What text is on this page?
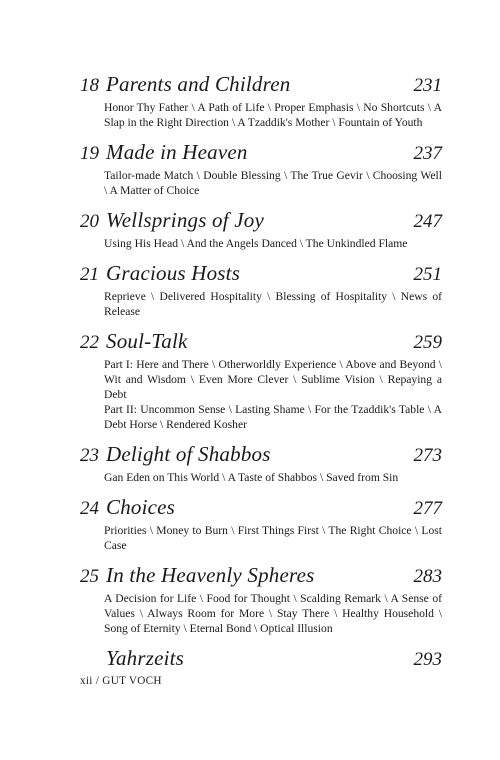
18 Parents and Children	231

Honor Thy Father \ A Path of Life \ Proper Emphasis \ No Shortcuts \ A Slap in the Right Direction \ A Tzaddik's Mother \ Fountain of Youth

19 Made in Heaven	237

Tailor-made Match \ Double Blessing \ The True Gevir \ Choosing Well \ A Matter of Choice

20 Wellsprings of Joy	247

Using His Head \ And the Angels Danced \ The Unkindled Flame

21 Gracious Hosts	251

Reprieve \ Delivered Hospitality \ Blessing of Hospitality \ News of Release

22 Soul-Talk	259

Part I: Here and There \ Otherworldly Experience \ Above and Beyond \ Wit and Wisdom \ Even More Clever \ Sublime Vision \ Repaying a Debt

Part II: Uncommon Sense \ Lasting Shame \ For the Tzaddik's Table \ A Debt Horse \ Rendered Kosher

23 Delight of Shabbos	273

Gan Eden on This World \ A Taste of Shabbos \ Saved from Sin

24 Choices	277

Priorities \ Money to Burn \ First Things First \ The Right Choice \ Lost Case

25 In the Heavenly Spheres	283

A Decision for Life \ Food for Thought \ Scalding Remark \ A Sense of Values \ Always Room for More \ Stay There \ Healthy Household \ Song of Eternity \ Eternal Bond \ Optical Illusion

Yahrzeits	293
xii / GUT VOCH
